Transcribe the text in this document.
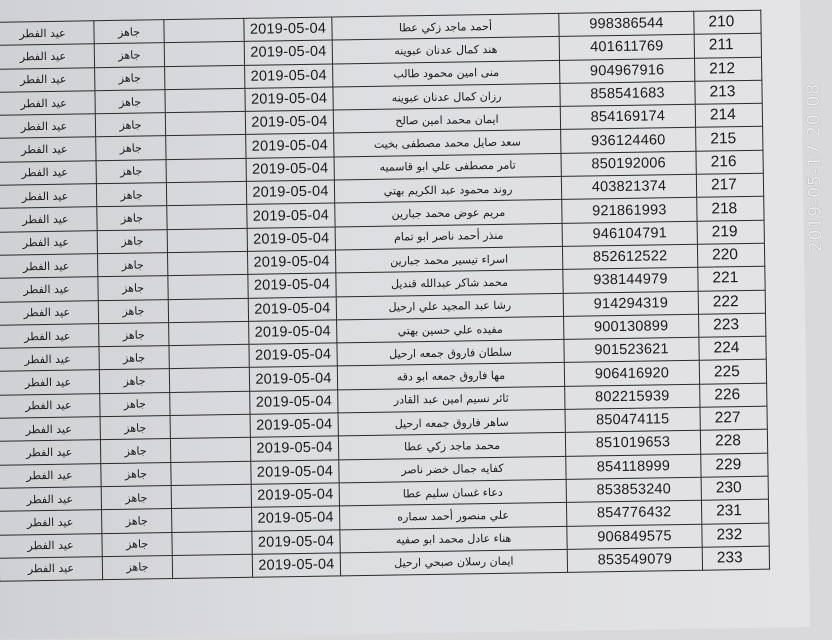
عيد الفطر	جاهز		2019-05-04	أحمد ماجد زكي عطا	998386544	210
عيد الفطر	جاهز		2019-05-04	هند كمال عدنان عبوينه	401611769	211
عيد الفطر	جاهز		2019-05-04	منى امين محمود طالب	904967916	212
عيد الفطر	جاهز		2019-05-04	رزان كمال عدنان عبوينه	858541683	213
عيد الفطر	جاهز		2019-05-04	ايمان محمد امين صالح	854169174	214
عيد الفطر	جاهز		2019-05-04	سعد صايل محمد مصطفى بخيت	936124460	215
عيد الفطر	جاهز		2019-05-04	تامر مصطفى علي ابو قاسميه	850192006	216
عيد الفطر	جاهز		2019-05-04	روند محمود عبد الكريم بهتي	403821374	217
عيد الفطر	جاهز		2019-05-04	مريم عوض محمد جبارين	921861993	218
عيد الفطر	جاهز		2019-05-04	منذر أحمد ناصر ابو تمام	946104791	219
عيد الفطر	جاهز		2019-05-04	اسراء تيسير محمد جبارين	852612522	220
عيد الفطر	جاهز		2019-05-04	محمد شاكر عبدالله قنديل	938144979	221
عيد الفطر	جاهز		2019-05-04	رشا عبد المجيد علي ارحيل	914294319	222
عيد الفطر	جاهز		2019-05-04	مفيده علي حسين بهتي	900130899	223
عيد الفطر	جاهز		2019-05-04	سلطان فاروق جمعه ارحيل	901523621	224
عيد الفطر	جاهز		2019-05-04	مها فاروق جمعه ابو دقه	906416920	225
عيد الفطر	جاهز		2019-05-04	ثائر نسيم امين عبد القادر	802215939	226
عيد الفطر	جاهز		2019-05-04	ساهر فاروق جمعه ارحيل	850474115	227
عيد الفطر	جاهز		2019-05-04	محمد ماجد زكي عطا	851019653	228
عيد الفطر	جاهز		2019-05-04	كفايه جمال خضر ناصر	854118999	229
عيد الفطر	جاهز		2019-05-04	دعاء غسان سليم عطا	853853240	230
عيد الفطر	جاهز		2019-05-04	علي منصور أحمد سماره	854776432	231
عيد الفطر	جاهز		2019-05-04	هناء عادل محمد ابو صفيه	906849575	232
عيد الفطر	جاهز		2019-05-04	ايمان رسلان صبحي ارحيل	853549079	233
2019-05-17 20:08
